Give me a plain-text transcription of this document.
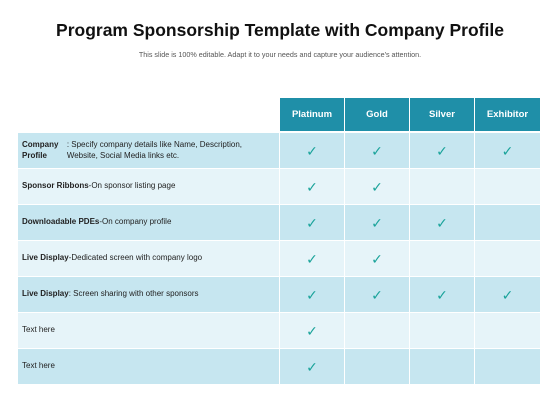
Program Sponsorship Template with Company Profile
This slide is 100% editable. Adapt it to your needs and capture your audience's attention.
Platinum	Gold	Silver	Exhibitor
Company Profile
: Specify company details like Name, Description, Website, Social Media links etc.	✓	✓	✓	✓
Sponsor Ribbons -On sponsor listing page	✓	✓
Downloadable PDEs -On company profile	✓	✓	✓
Live Display -Dedicated screen with company logo	✓	✓
Live Display : Screen sharing with other sponsors	✓	✓	✓	✓
Text here	✓
Text here	✓
